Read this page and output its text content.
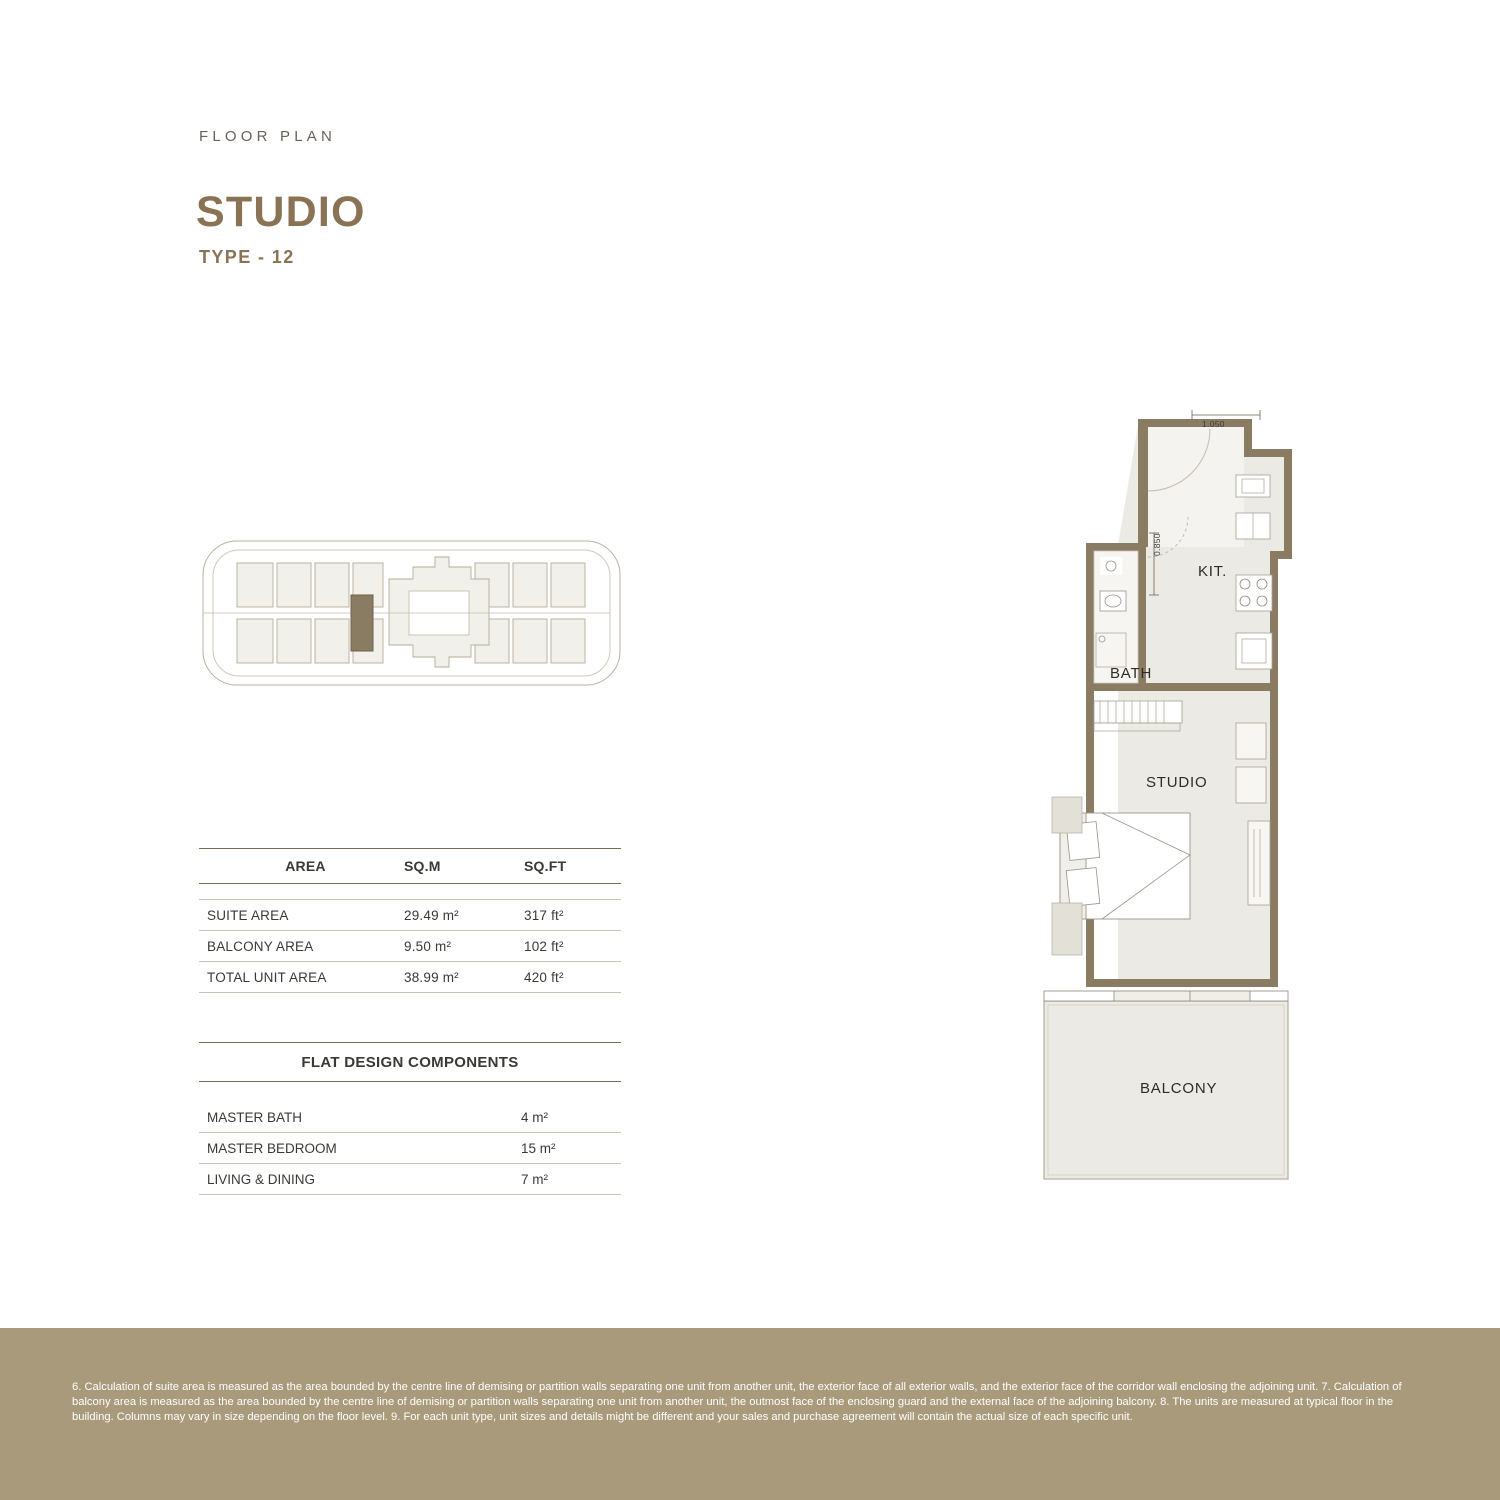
FLOOR PLAN
STUDIO
TYPE - 12
AREA	SQ.M	SQ.FT
SUITE AREA	29.49 m²	317 ft²
BALCONY AREA	9.50 m²	102 ft²
TOTAL UNIT AREA	38.99 m²	420 ft²
FLAT DESIGN COMPONENTS
MASTER BATH	4 m²
MASTER BEDROOM	15 m²
LIVING & DINING	7 m²
KIT.
BATH
STUDIO
BALCONY
1.050
0.850

6. Calculation of suite area is measured as the area bounded by the centre line of demising or partition walls separating one unit from another unit, the exterior face of all exterior walls, and the exterior face of the corridor wall enclosing the adjoining unit. 7. Calculation of balcony area is measured as the area bounded by the centre line of demising or partition walls separating one unit from another unit, the outmost face of the enclosing guard and the external face of the adjoining balcony. 8. The units are measured at typical floor in the building. Columns may vary in size depending on the floor level. 9. For each unit type, unit sizes and details might be different and your sales and purchase agreement will contain the actual size of each specific unit.
